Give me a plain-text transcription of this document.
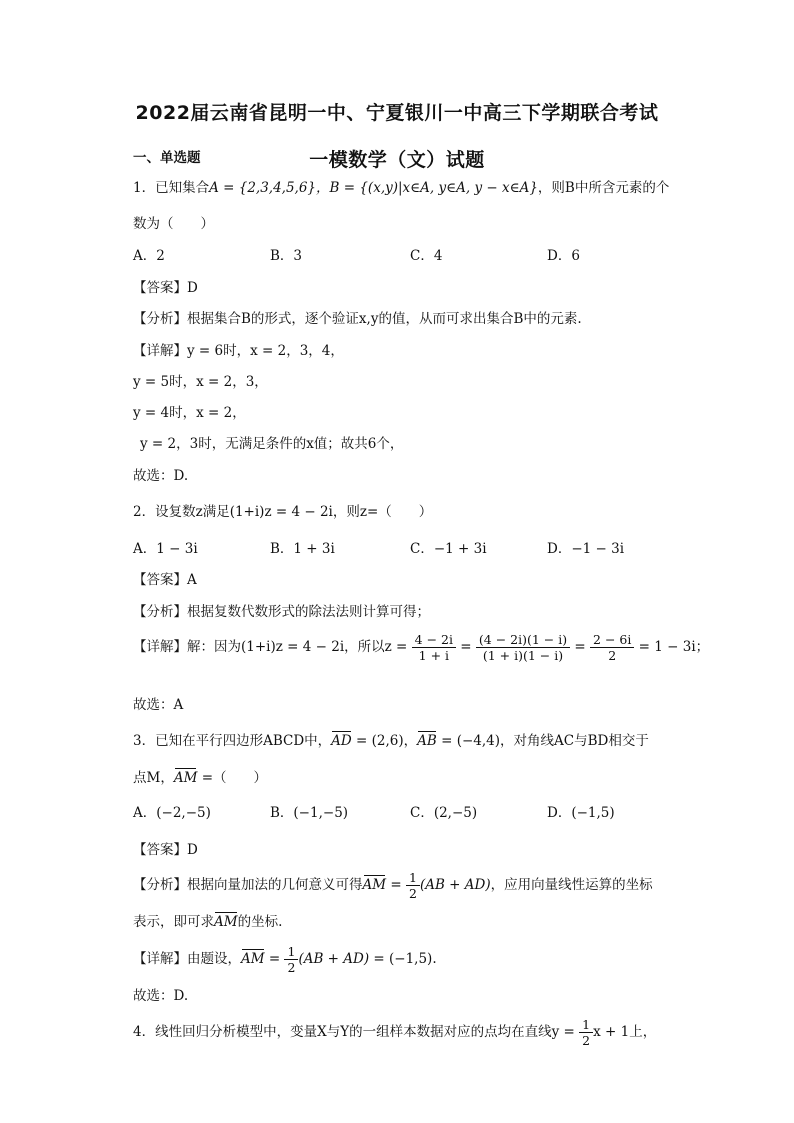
2022届云南省昆明一中、宁夏银川一中高三下学期联合考试
一模数学（文）试题
一、单选题
1．已知集合A = {2,3,4,5,6}，B = {(x,y)|x∈A, y∈A, y − x∈A}，则B中所含元素的个
数为（　　）
A．2	B．3	C．4	D．6
【答案】D
【分析】根据集合B的形式，逐个验证x,y的值，从而可求出集合B中的元素.
【详解】y = 6时，x = 2，3，4，
y = 5时，x = 2，3，
y = 4时，x = 2，
y = 2，3时，无满足条件的x值；故共6个，
故选：D.
2．设复数z满足(1+i)z = 4 − 2i，则z=（　　）
A．1 − 3i	B．1 + 3i	C．−1 + 3i	D．−1 − 3i
【答案】A
【分析】根据复数代数形式的除法法则计算可得；
【详解】解：因为(1+i)z = 4 − 2i，所以$z = \frac{4 - 2i}{1 + i} = \frac{(4 - 2i)(1 - i)}{(1 + i)(1 - i)} = \frac{2 - 6i}{2} = 1 - 3i$；
故选：A
3．已知在平行四边形ABCD中，AD = (2,6)，AB = (−4,4)，对角线AC与BD相交于
点M，AM =（　　）
A．(−2,−5)	B．(−1,−5)	C．(2,−5)	D．(−1,5)
【答案】D
【分析】根据向量加法的几何意义可得AM = $\frac{1}{2} (AB + AD)$，应用向量线性运算的坐标
表示，即可求AM的坐标.
【详解】由题设，AM = $\frac{1}{2} (AB + AD) = (-1,5)$.
故选：D.
4．线性回归分析模型中，变量X与Y的一组样本数据对应的点均在直线$y = \frac{1}{2}$ x + 1上，
